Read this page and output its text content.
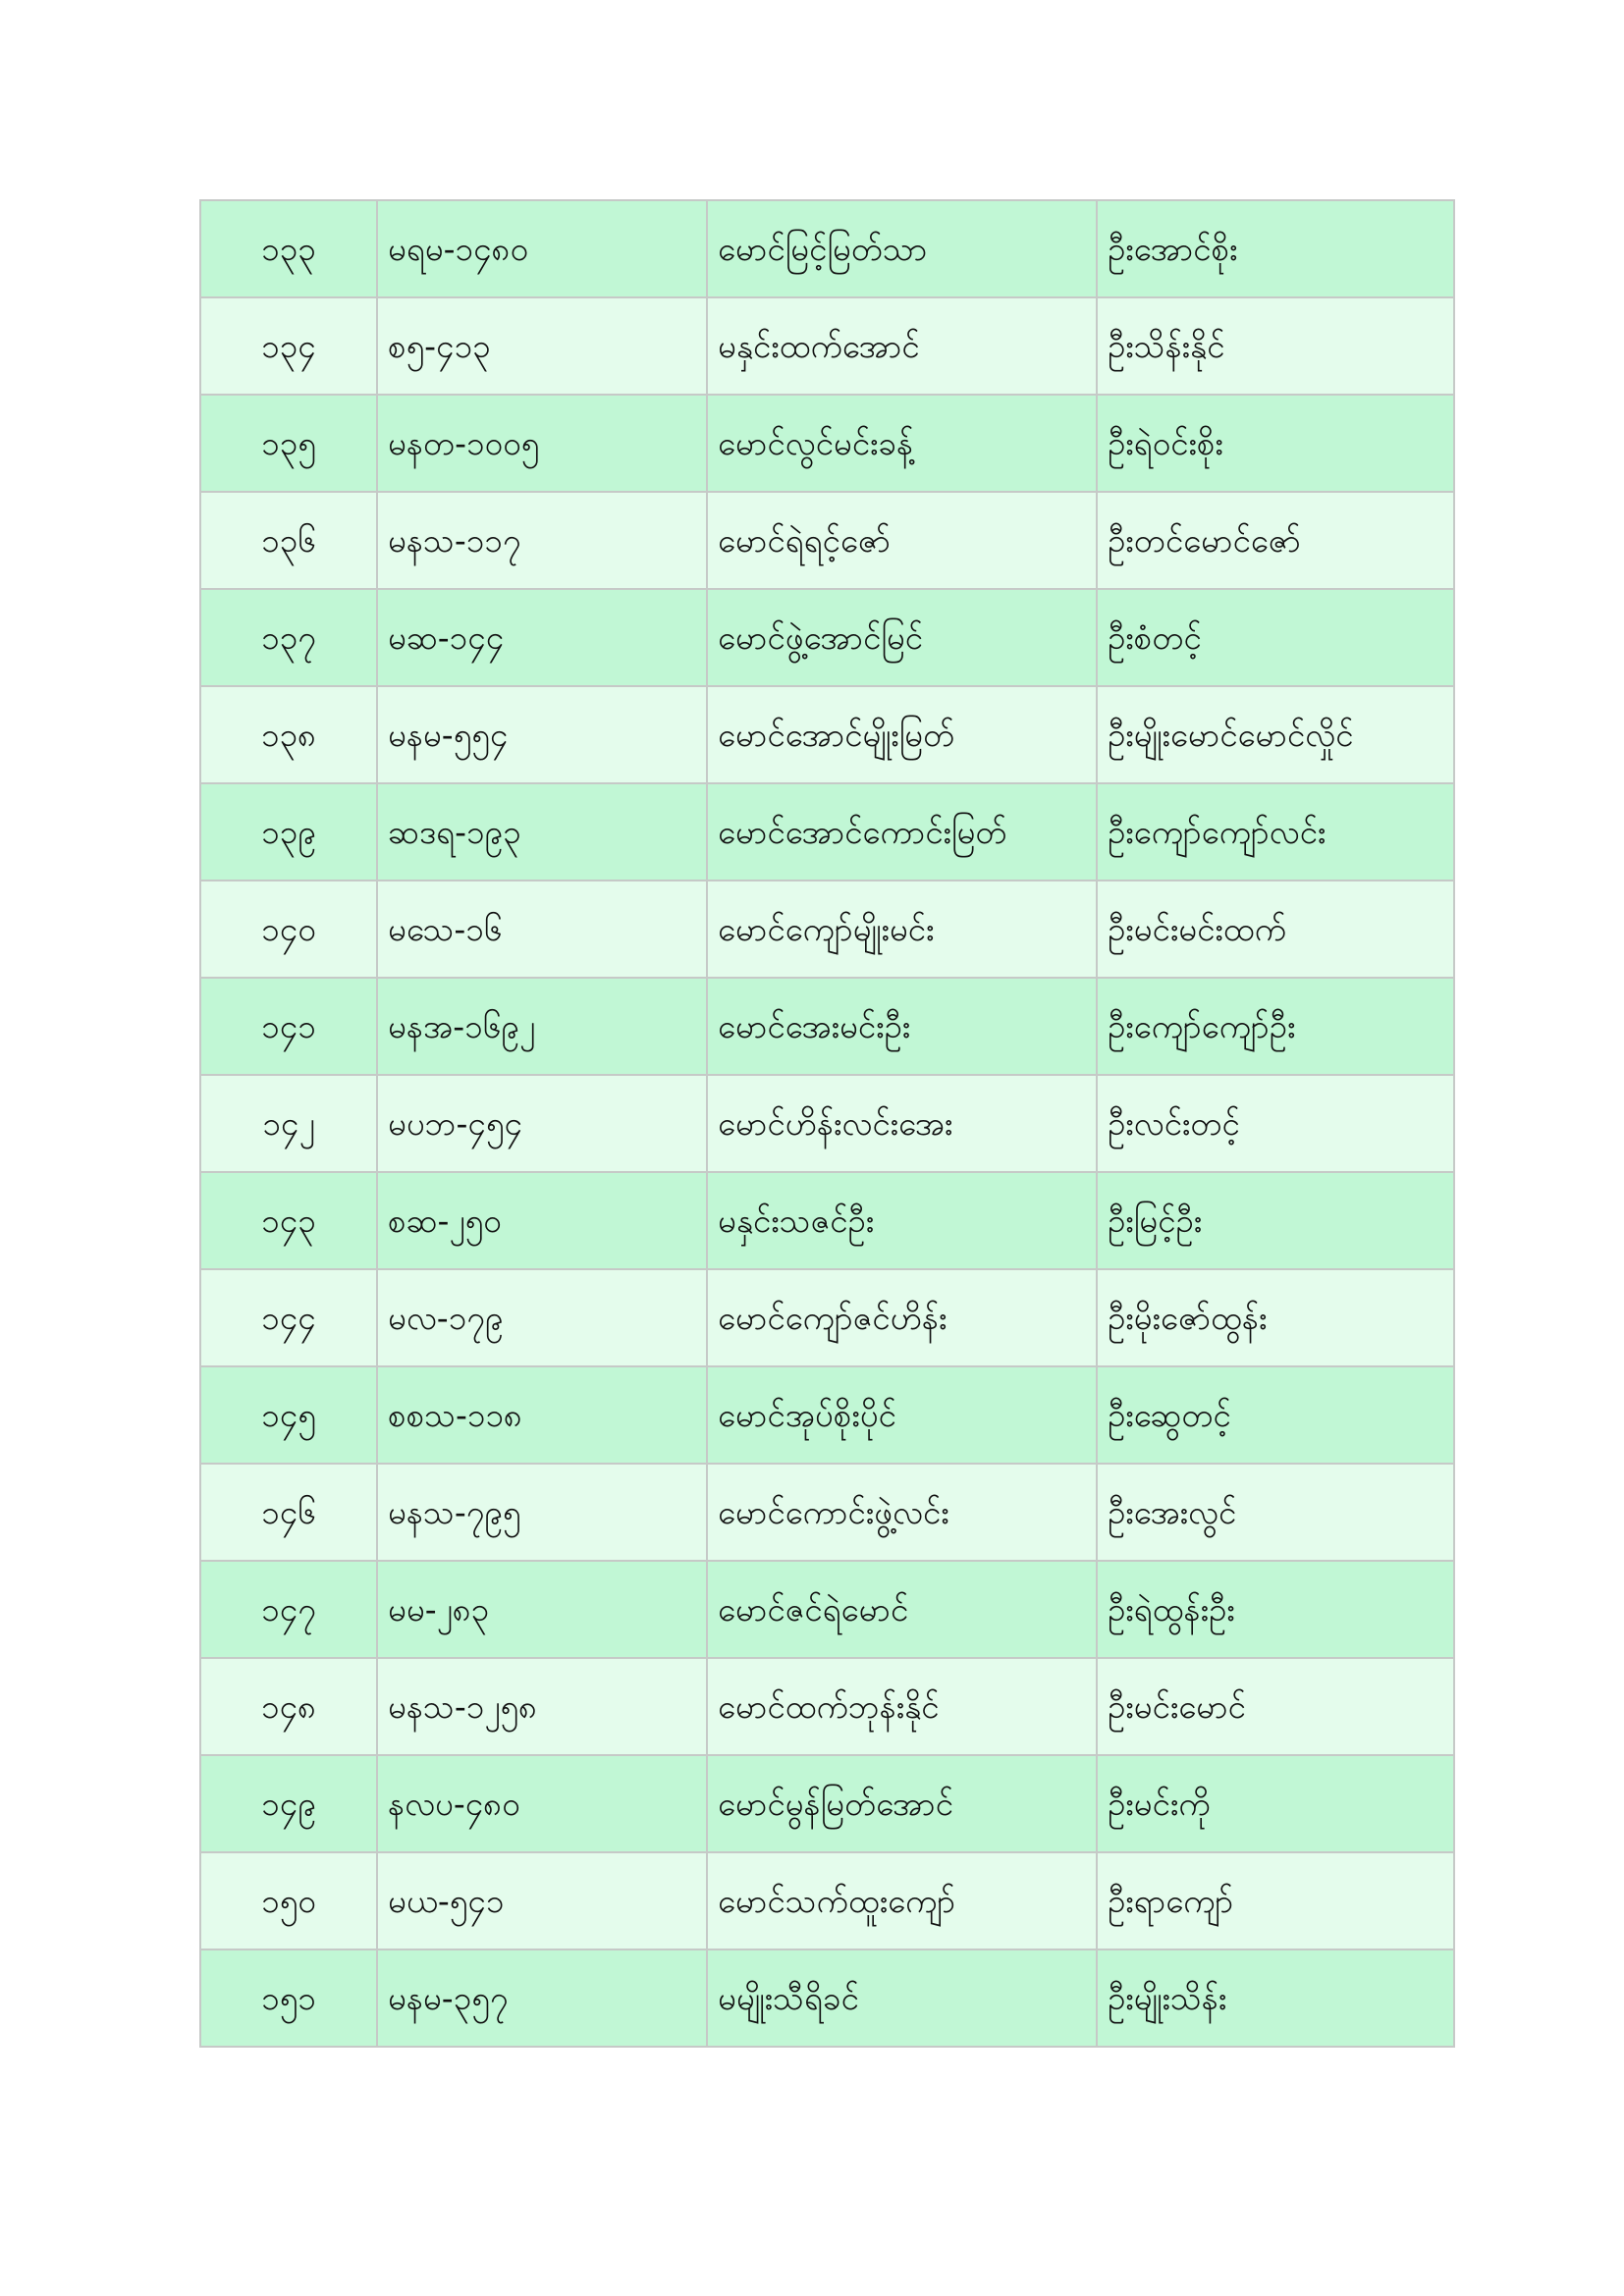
၁၃၃	မရမ-၁၄၈၀	မောင်မြင့်မြတ်သာ	ဦးအောင်စိုး
၁၃၄	စ၅-၄၁၃	မနှင်းထက်အောင်	ဦးသိန်းနိုင်
၁၃၅	မနတ-၁၀၀၅	မောင်လွင်မင်းခန့်	ဦးရဲဝင်းစိုး
၁၃၆	မနသ-၁၁၇	မောင်ရဲရင့်ဇော်	ဦးတင်မောင်ဇော်
၁၃၇	မဆ-၁၄၄	မောင်ဖွဲ့အောင်မြင်	ဦးစံတင့်
၁၃၈	မနမ-၅၅၄	မောင်အောင်မျိုးမြတ်	ဦးမျိုးမောင်မောင်လှိုင်
၁၃၉	ဆဒရ-၁၉၃	မောင်အောင်ကောင်းမြတ်	ဦးကျော်ကျော်လင်း
၁၄၀	မသေ-၁၆	မောင်ကျော်မျိုးမင်း	ဦးမင်းမင်းထက်
၁၄၁	မနအ-၁၆၉၂	မောင်အေးမင်းဦး	ဦးကျော်ကျော်ဦး
၁၄၂	မပဘ-၄၅၄	မောင်ဟိန်းလင်းအေး	ဦးလင်းတင့်
၁၄၃	စဆ-၂၅၀	မနှင်းသဇင်ဦး	ဦးမြင့်ဦး
၁၄၄	မလ-၁၇၉	မောင်ကျော်ဇင်ဟိန်း	ဦးမိုးဇော်ထွန်း
၁၄၅	စစသ-၁၁၈	မောင်အုပ်စိုးပိုင်	ဦးဆွေတင့်
၁၄၆	မနသ-၇၉၅	မောင်ကောင်းဖွဲ့လင်း	ဦးအေးလွင်
၁၄၇	မမ-၂၈၃	မောင်ဇင်ရဲမောင်	ဦးရဲထွန်းဦး
၁၄၈	မနသ-၁၂၅၈	မောင်ထက်ဘုန်းနိုင်	ဦးမင်းမောင်
၁၄၉	နလပ-၄၈၀	မောင်မွန်မြတ်အောင်	ဦးမင်းကို
၁၅၀	မယ-၅၄၁	မောင်သက်ထူးကျော်	ဦးရာကျော်
၁၅၁	မနမ-၃၅၇	မမျိုးသီရိခင်	ဦးမျိုးသိန်း
